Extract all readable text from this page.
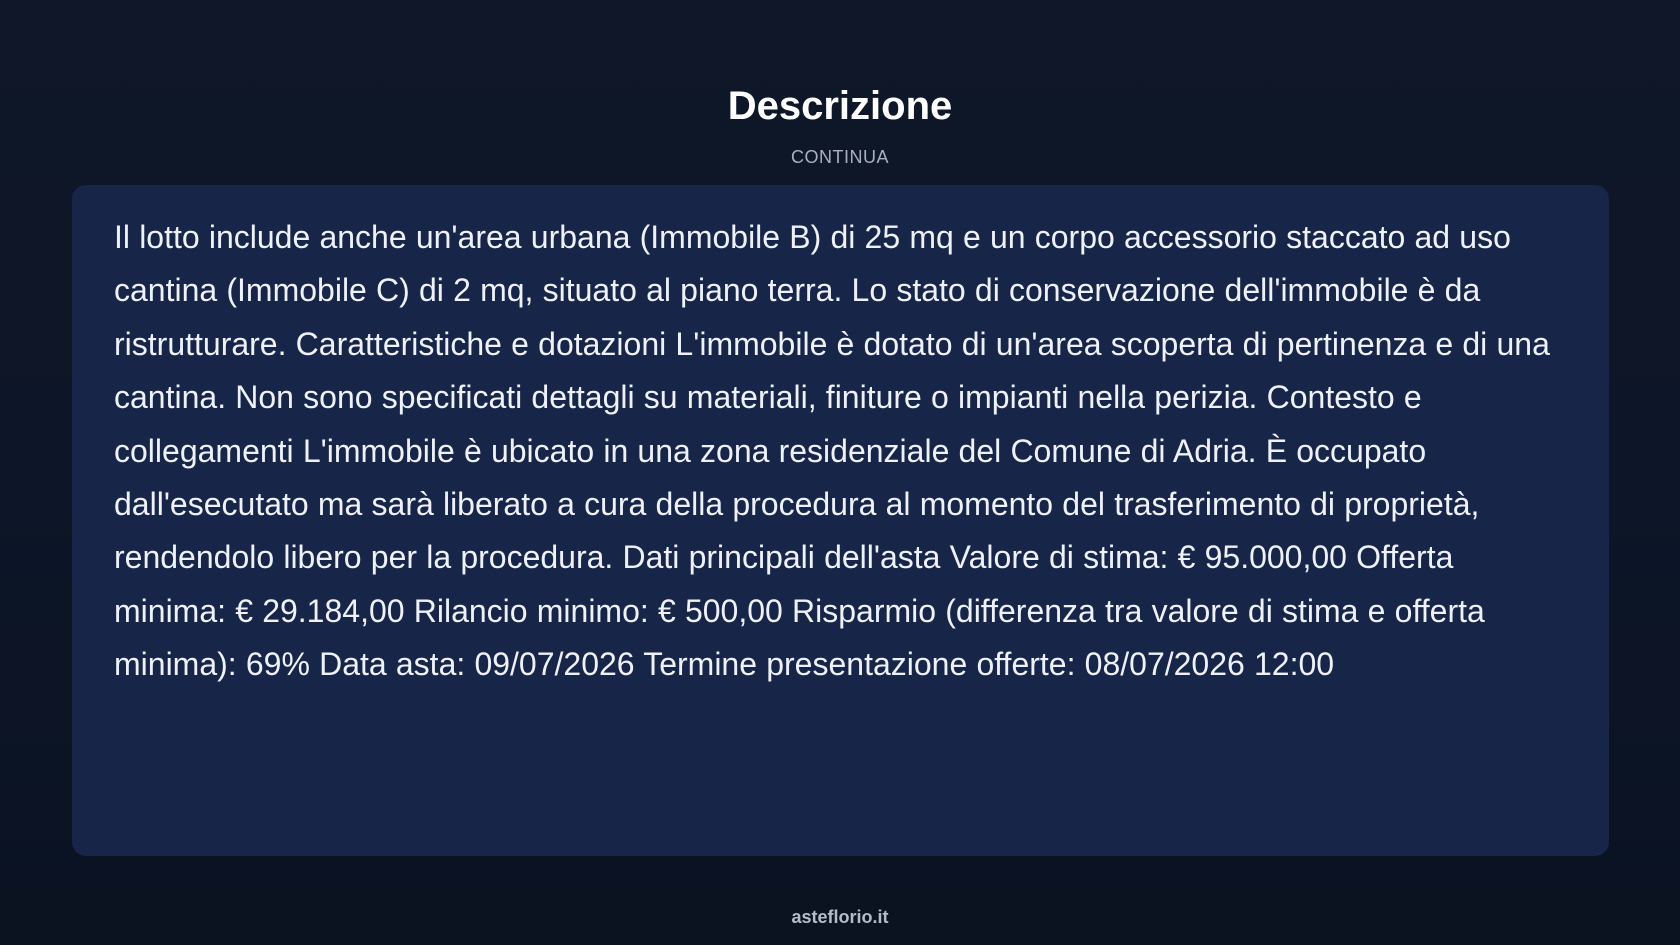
Descrizione
CONTINUA

Il lotto include anche un'area urbana (Immobile B) di 25 mq e un corpo accessorio staccato ad uso cantina (Immobile C) di 2 mq, situato al piano terra. Lo stato di conservazione dell'immobile è da ristrutturare. Caratteristiche e dotazioni L'immobile è dotato di un'area scoperta di pertinenza e di una cantina. Non sono specificati dettagli su materiali, finiture o impianti nella perizia. Contesto e collegamenti L'immobile è ubicato in una zona residenziale del Comune di Adria. È occupato dall'esecutato ma sarà liberato a cura della procedura al momento del trasferimento di proprietà, rendendolo libero per la procedura. Dati principali dell'asta Valore di stima: € 95.000,00 Offerta minima: € 29.184,00 Rilancio minimo: € 500,00 Risparmio (differenza tra valore di stima e offerta minima): 69% Data asta: 09/07/2026 Termine presentazione offerte: 08/07/2026 12:00

asteflorio.it
